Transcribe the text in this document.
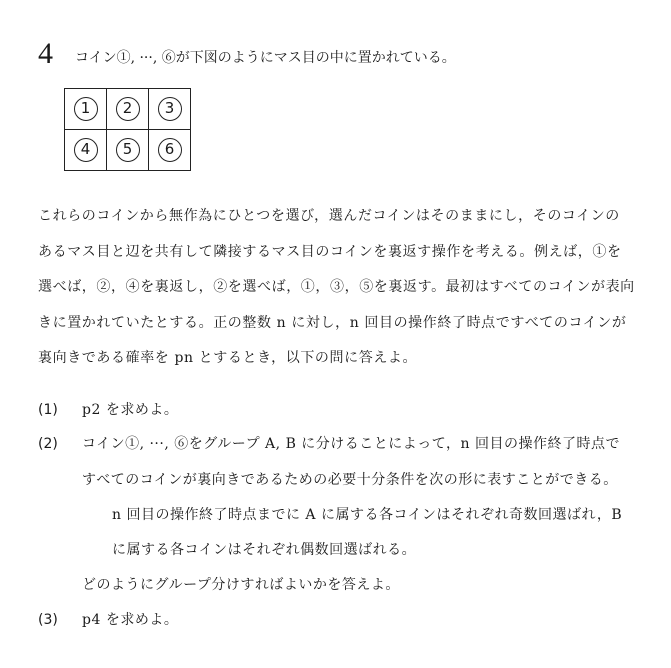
4 コイン①, ···, ⑥が下図のようにマス目の中に置かれている。
1	2	3
4	5	6
これらのコインから無作為にひとつを選び，選んだコインはそのままにし，そのコインの
あるマス目と辺を共有して隣接するマス目のコインを裏返す操作を考える。例えば，①を
選べば，②，④を裏返し，②を選べば，①，③，⑤を裏返す。最初はすべてのコインが表向
きに置かれていたとする。正の整数 n に対し，n 回目の操作終了時点ですべてのコインが
裏向きである確率を pn とするとき，以下の問に答えよ。
(1) p2 を求めよ。
(2) コイン①, ···, ⑥をグループ A, B に分けることによって，n 回目の操作終了時点で
すべてのコインが裏向きであるための必要十分条件を次の形に表すことができる。
n 回目の操作終了時点までに A に属する各コインはそれぞれ奇数回選ばれ，B
に属する各コインはそれぞれ偶数回選ばれる。
どのようにグループ分けすればよいかを答えよ。
(3) p4 を求めよ。
